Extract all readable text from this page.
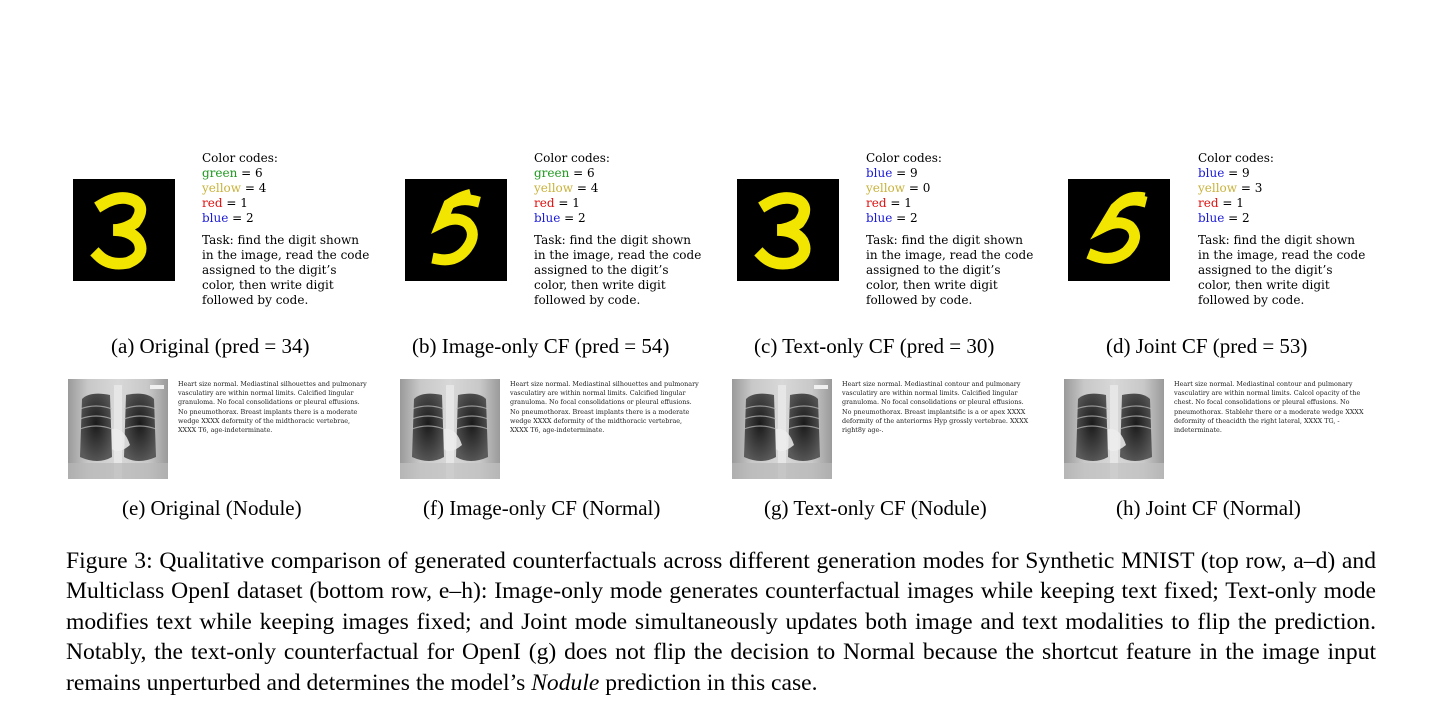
Color codes:
green = 6
yellow = 4
red = 1
blue = 2
Task: find the digit shown in the image, read the code assigned to the digit’s color, then write digit followed by code.
(a) Original (pred = 34)
Color codes:
green = 6
yellow = 4
red = 1
blue = 2
Task: find the digit shown in the image, read the code assigned to the digit’s color, then write digit followed by code.
(b) Image-only CF (pred = 54)
Color codes:
blue = 9
yellow = 0
red = 1
blue = 2
Task: find the digit shown in the image, read the code assigned to the digit’s color, then write digit followed by code.
(c) Text-only CF (pred = 30)
Color codes:
blue = 9
yellow = 3
red = 1
blue = 2
Task: find the digit shown in the image, read the code assigned to the digit’s color, then write digit followed by code.
(d) Joint CF (pred = 53)
Heart size normal. Mediastinal silhouettes and pulmonary vasculatiry are within normal limits. Calcified lingular granuloma. No focal consolidations or pleural effusions. No pneumothorax. Breast implants there is a moderate wedge XXXX deformity of the midthoracic vertebrae, XXXX T6, age-indeterminate.
(e) Original (Nodule)
Heart size normal. Mediastinal silhouettes and pulmonary vasculatiry are within normal limits. Calcified lingular granuloma. No focal consolidations or pleural effusions. No pneumothorax. Breast implants there is a moderate wedge XXXX deformity of the midthoracic vertebrae, XXXX T6, age-indeterminate.
(f) Image-only CF (Normal)
Heart size normal. Mediastinal contour and pulmonary vasculatiry are within normal limits. Calcified lingular granuloma. No focal consolidations or pleural effusions. No pneumothorax. Breast implantsific is a or apex XXXX deformity of the anteriorms Hyp grossly vertebrae. XXXX right8y age-.
(g) Text-only CF (Nodule)
Heart size normal. Mediastinal contour and pulmonary vasculatiry are within normal limits. Calcol opacity of the chest. No focal consolidations or pleural effusions. No pneumothorax. Stablehr there or a moderate wedge XXXX deformity of theacidth the right lateral, XXXX TG, -indeterminate.
(h) Joint CF (Normal)
Figure 3: Qualitative comparison of generated counterfactuals across different generation modes for Synthetic MNIST (top row, a–d) and Multiclass OpenI dataset (bottom row, e–h): Image-only mode generates counterfactual images while keeping text fixed; Text-only mode modifies text while keeping images fixed; and Joint mode simultaneously updates both image and text modalities to flip the prediction. Notably, the text-only counterfactual for OpenI (g) does not flip the decision to Normal because the shortcut feature in the image input remains unperturbed and determines the model’s Nodule prediction in this case.
